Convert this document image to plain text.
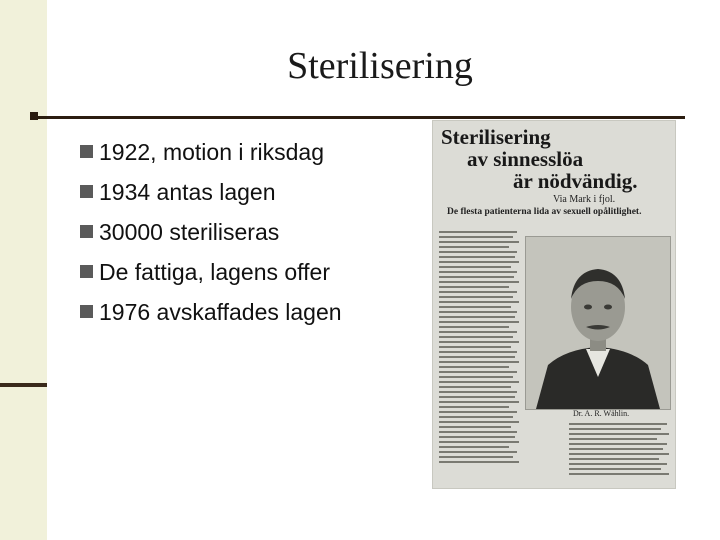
Sterilisering
1922, motion i riksdag
1934 antas lagen
30000 steriliseras
De fattiga, lagens offer
1976 avskaffades lagen
Sterilisering
av sinnesslöa
är nödvändig.
Via Mark i fjol.
De flesta patienterna lida av sexuell opålitlighet.
Dr. A. R. Wählin.
